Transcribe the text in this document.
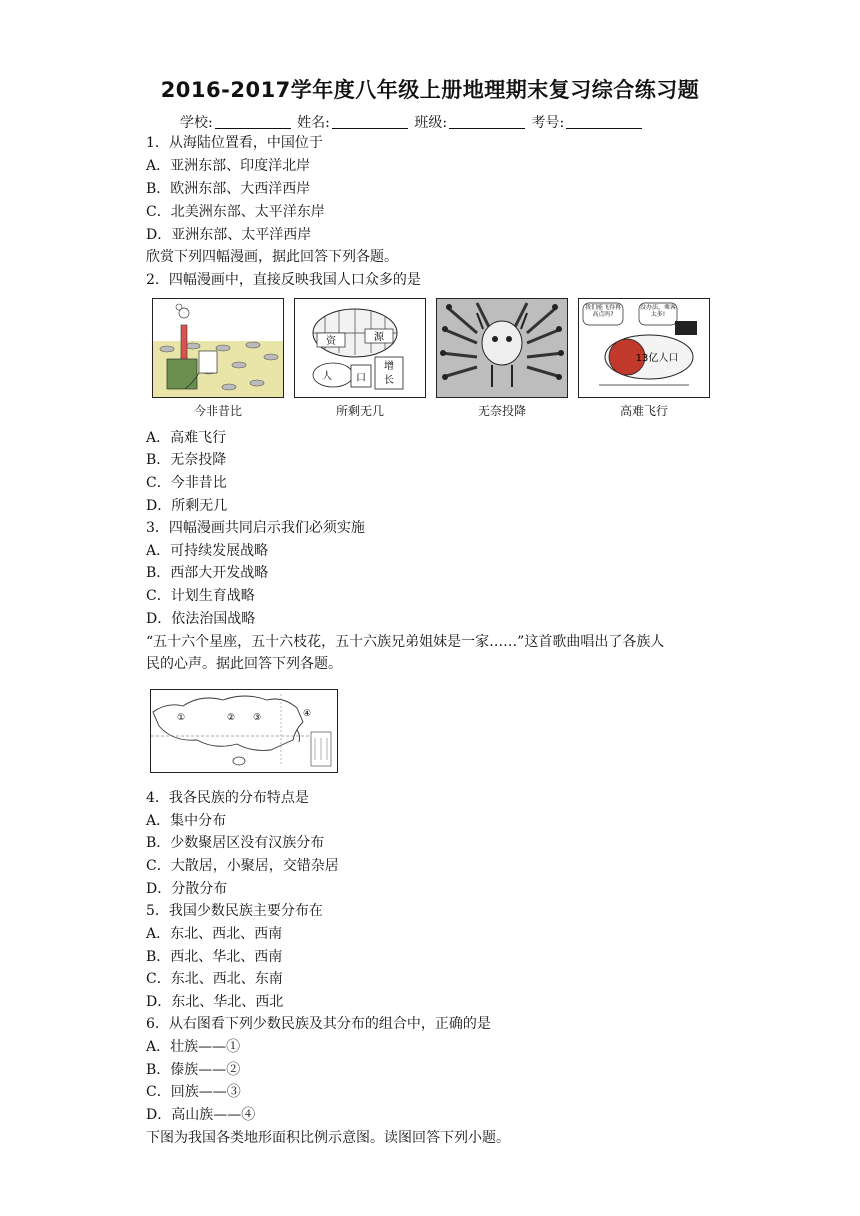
2016-2017学年度八年级上册地理期末复习综合练习题
学校:	姓名:	班级:	考号:
1．从海陆位置看，中国位于
A．亚洲东部、印度洋北岸
B．欧洲东部、大西洋西岸
C．北美洲东部、太平洋东岸
D．亚洲东部、太平洋西岸
欣赏下列四幅漫画，据此回答下列各题。
2．四幅漫画中，直接反映我国人口众多的是
今非昔比
资	源
人 口
增
长
所剩无几	无奈投降
我们能飞得再高点吗?
没办法，乘客太多!
13亿人口
高难飞行
A．高难飞行
B．无奈投降
C．今非昔比
D．所剩无几
3．四幅漫画共同启示我们必须实施
A．可持续发展战略
B．西部大开发战略
C．计划生育战略
D．依法治国战略
“五十六个星座，五十六枝花，五十六族兄弟姐妹是一家……”这首歌曲唱出了各族人
民的心声。据此回答下列各题。
①	② ③	④
4．我各民族的分布特点是
A．集中分布
B．少数聚居区没有汉族分布
C．大散居，小聚居，交错杂居
D．分散分布
5．我国少数民族主要分布在
A．东北、西北、西南
B．西北、华北、西南
C．东北、西北、东南
D．东北、华北、西北
6．从右图看下列少数民族及其分布的组合中，正确的是
A．壮族——①
B．傣族——②
C．回族——③
D．高山族——④
下图为我国各类地形面积比例示意图。读图回答下列小题。
